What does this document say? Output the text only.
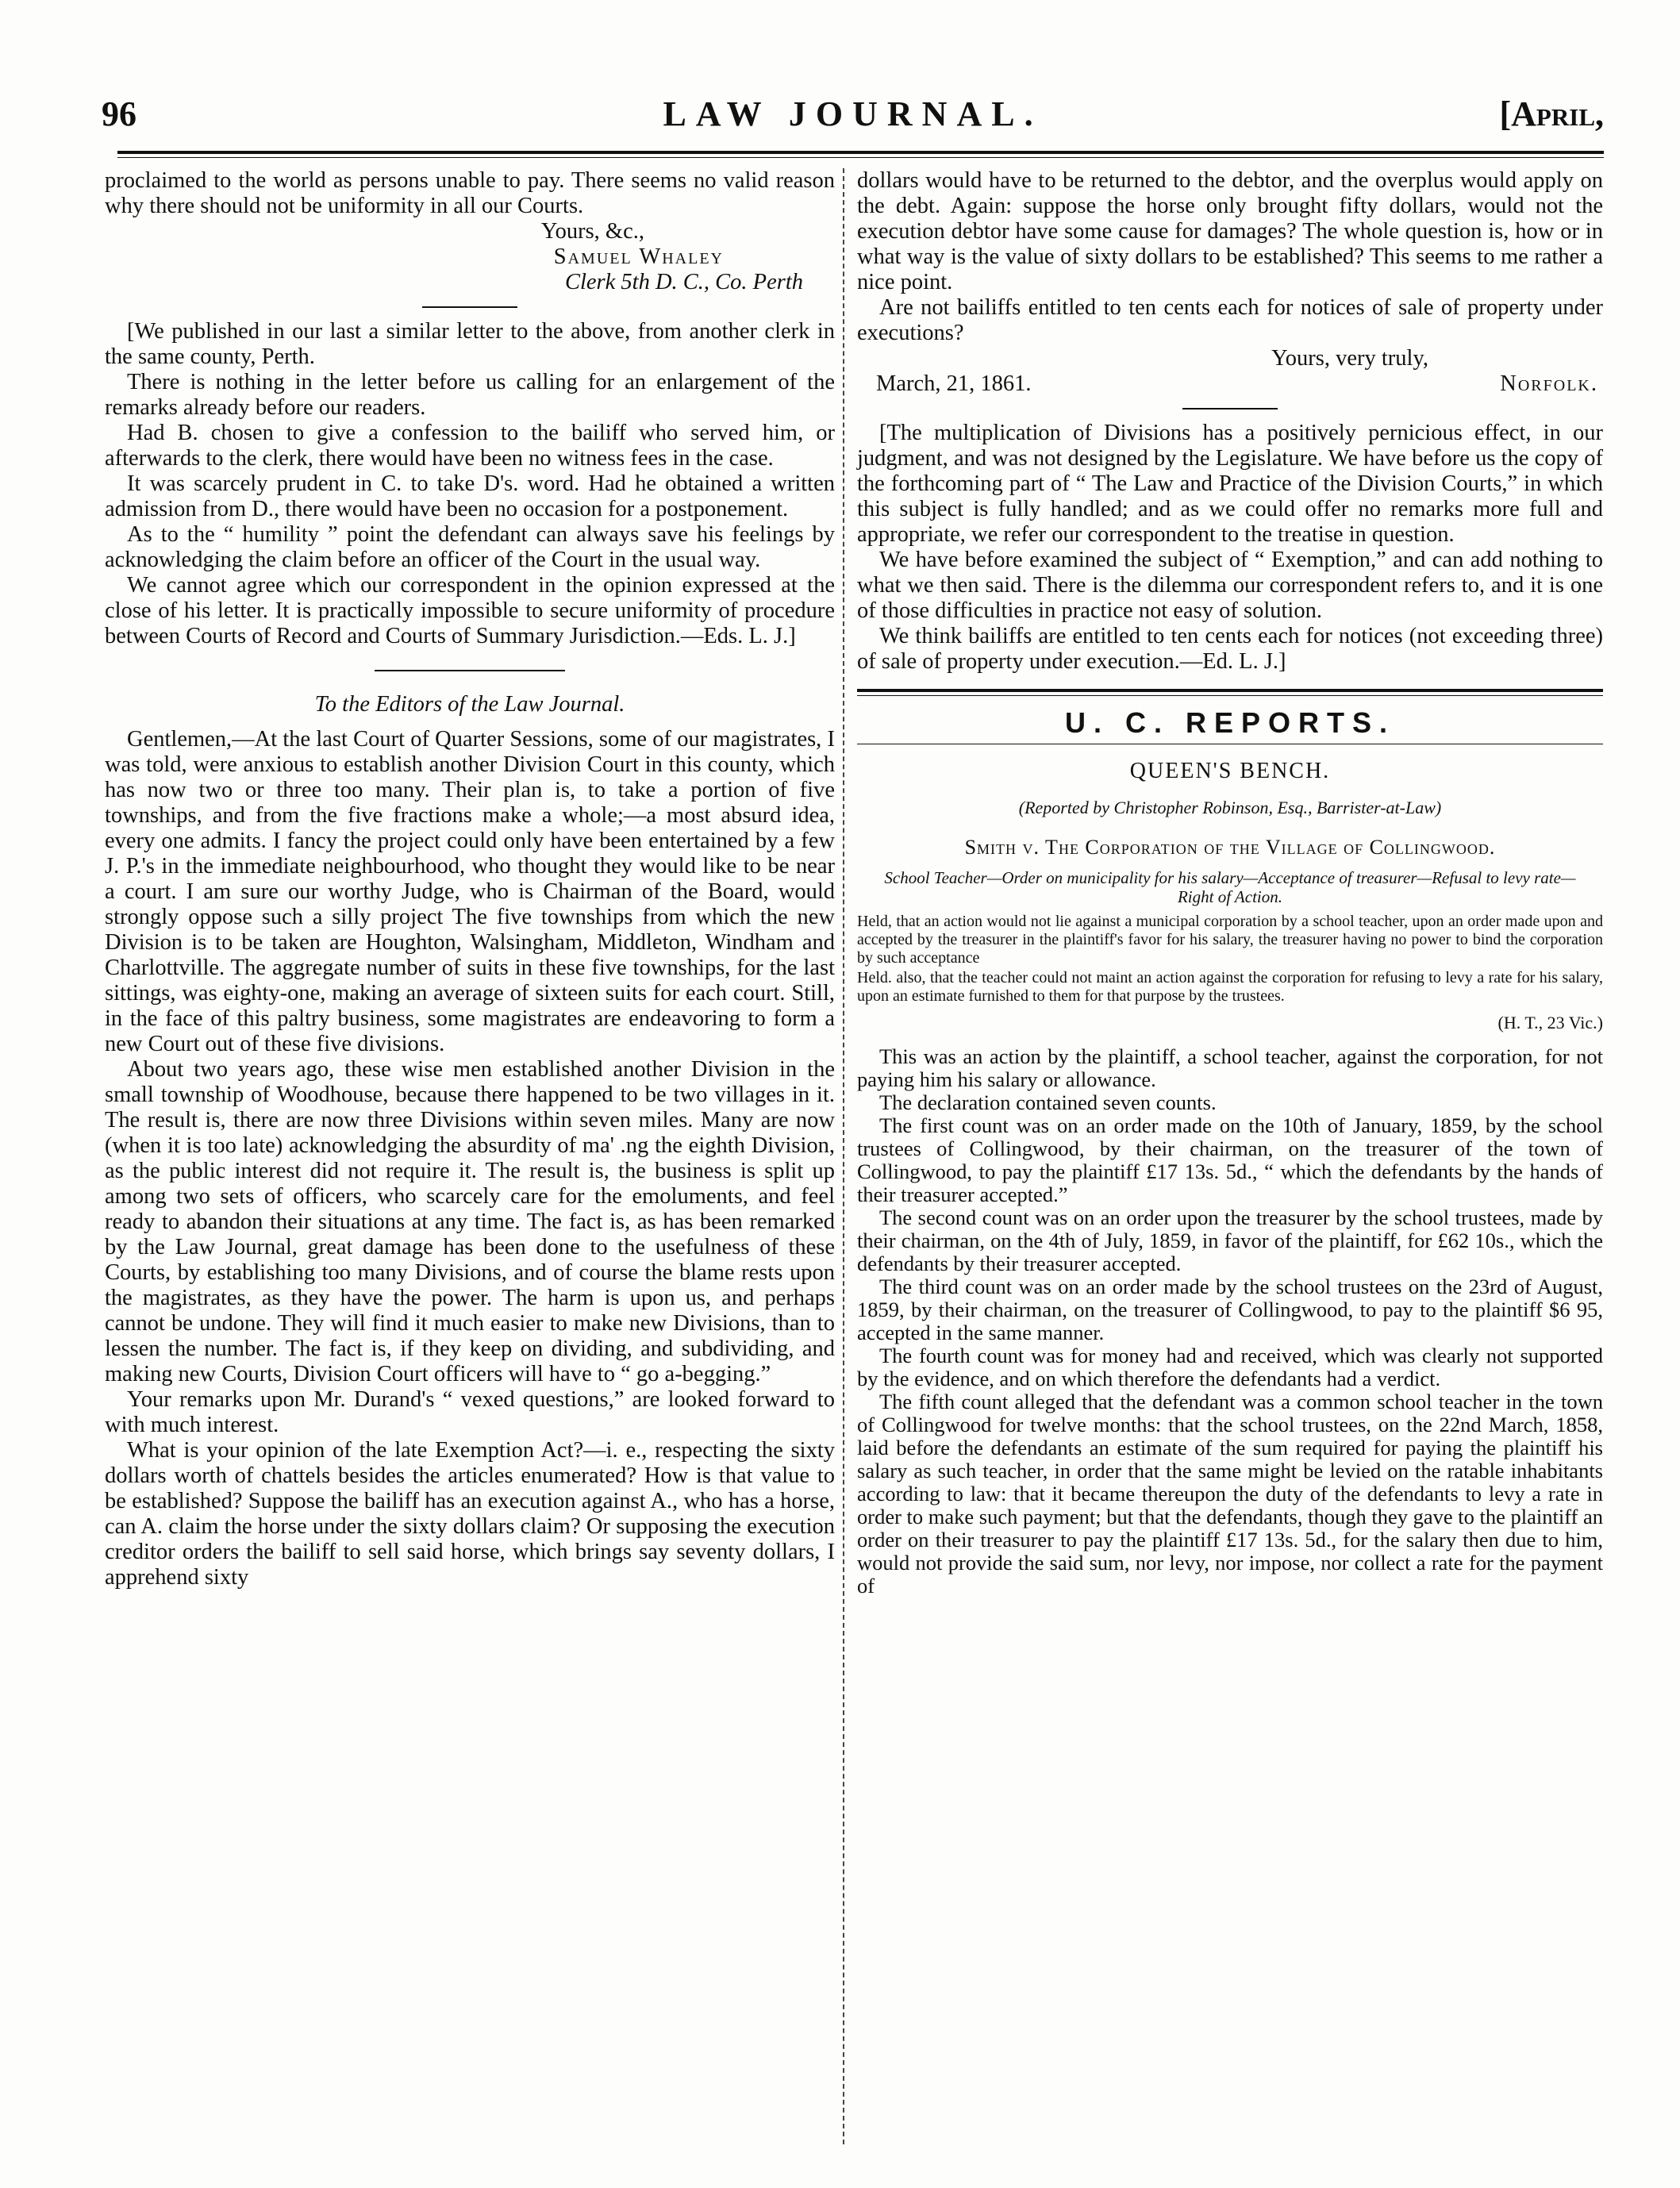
96	LAW JOURNAL.	[April,

proclaimed to the world as persons unable to pay. There seems no valid reason why there should not be uniformity in all our Courts.

Yours, &c.,
Samuel Whaley
Clerk 5th D. C., Co. Perth

[We published in our last a similar letter to the above, from another clerk in the same county, Perth.

There is nothing in the letter before us calling for an enlargement of the remarks already before our readers.

Had B. chosen to give a confession to the bailiff who served him, or afterwards to the clerk, there would have been no witness fees in the case.

It was scarcely prudent in C. to take D's. word. Had he obtained a written admission from D., there would have been no occasion for a postponement.

As to the “ humility ” point the defendant can always save his feelings by acknowledging the claim before an officer of the Court in the usual way.

We cannot agree which our correspondent in the opinion expressed at the close of his letter. It is practically impossible to secure uniformity of procedure between Courts of Record and Courts of Summary Jurisdiction.—Eds. L. J.]

To the Editors of the Law Journal.

Gentlemen,—At the last Court of Quarter Sessions, some of our magistrates, I was told, were anxious to establish another Division Court in this county, which has now two or three too many. Their plan is, to take a portion of five townships, and from the five fractions make a whole;—a most absurd idea, every one admits. I fancy the project could only have been entertained by a few J. P.'s in the immediate neighbourhood, who thought they would like to be near a court. I am sure our worthy Judge, who is Chairman of the Board, would strongly oppose such a silly project The five townships from which the new Division is to be taken are Houghton, Walsingham, Middleton, Windham and Charlottville. The aggregate number of suits in these five townships, for the last sittings, was eighty-one, making an average of sixteen suits for each court. Still, in the face of this paltry business, some magistrates are endeavoring to form a new Court out of these five divisions.

About two years ago, these wise men established another Division in the small township of Woodhouse, because there happened to be two villages in it. The result is, there are now three Divisions within seven miles. Many are now (when it is too late) acknowledging the absurdity of ma' .ng the eighth Division, as the public interest did not require it. The result is, the business is split up among two sets of officers, who scarcely care for the emoluments, and feel ready to abandon their situations at any time. The fact is, as has been remarked by the Law Journal, great damage has been done to the usefulness of these Courts, by establishing too many Divisions, and of course the blame rests upon the magistrates, as they have the power. The harm is upon us, and perhaps cannot be undone. They will find it much easier to make new Divisions, than to lessen the number. The fact is, if they keep on dividing, and subdividing, and making new Courts, Division Court officers will have to “ go a-begging.”

Your remarks upon Mr. Durand's “ vexed questions,” are looked forward to with much interest.

What is your opinion of the late Exemption Act?—i. e., respecting the sixty dollars worth of chattels besides the articles enumerated? How is that value to be established? Suppose the bailiff has an execution against A., who has a horse, can A. claim the horse under the sixty dollars claim? Or supposing the execution creditor orders the bailiff to sell said horse, which brings say seventy dollars, I apprehend sixty

dollars would have to be returned to the debtor, and the overplus would apply on the debt. Again: suppose the horse only brought fifty dollars, would not the execution debtor have some cause for damages? The whole question is, how or in what way is the value of sixty dollars to be established? This seems to me rather a nice point.

Are not bailiffs entitled to ten cents each for notices of sale of property under executions?

Yours, very truly,
March, 21, 1861.	Norfolk.

[The multiplication of Divisions has a positively pernicious effect, in our judgment, and was not designed by the Legislature. We have before us the copy of the forthcoming part of “ The Law and Practice of the Division Courts,” in which this subject is fully handled; and as we could offer no remarks more full and appropriate, we refer our correspondent to the treatise in question.

We have before examined the subject of “ Exemption,” and can add nothing to what we then said. There is the dilemma our correspondent refers to, and it is one of those difficulties in practice not easy of solution.

We think bailiffs are entitled to ten cents each for notices (not exceeding three) of sale of property under execution.—Ed. L. J.]

U. C. REPORTS.
QUEEN'S BENCH.
(Reported by Christopher Robinson, Esq., Barrister-at-Law)
Smith v. The Corporation of the Village of Collingwood.
School Teacher—Order on municipality for his salary—Acceptance of treasurer—Refusal to levy rate—Right of Action.

Held, that an action would not lie against a municipal corporation by a school teacher, upon an order made upon and accepted by the treasurer in the plaintiff's favor for his salary, the treasurer having no power to bind the corporation by such acceptance

Held. also, that the teacher could not maint an action against the corporation for refusing to levy a rate for his salary, upon an estimate furnished to them for that purpose by the trustees.

(H. T., 23 Vic.)

This was an action by the plaintiff, a school teacher, against the corporation, for not paying him his salary or allowance.

The declaration contained seven counts.

The first count was on an order made on the 10th of January, 1859, by the school trustees of Collingwood, by their chairman, on the treasurer of the town of Collingwood, to pay the plaintiff £17 13s. 5d., “ which the defendants by the hands of their treasurer accepted.”

The second count was on an order upon the treasurer by the school trustees, made by their chairman, on the 4th of July, 1859, in favor of the plaintiff, for £62 10s., which the defendants by their treasurer accepted.

The third count was on an order made by the school trustees on the 23rd of August, 1859, by their chairman, on the treasurer of Collingwood, to pay to the plaintiff $6 95, accepted in the same manner.

The fourth count was for money had and received, which was clearly not supported by the evidence, and on which therefore the defendants had a verdict.

The fifth count alleged that the defendant was a common school teacher in the town of Collingwood for twelve months: that the school trustees, on the 22nd March, 1858, laid before the defendants an estimate of the sum required for paying the plaintiff his salary as such teacher, in order that the same might be levied on the ratable inhabitants according to law: that it became thereupon the duty of the defendants to levy a rate in order to make such payment; but that the defendants, though they gave to the plaintiff an order on their treasurer to pay the plaintiff £17 13s. 5d., for the salary then due to him, would not provide the said sum, nor levy, nor impose, nor collect a rate for the payment of
